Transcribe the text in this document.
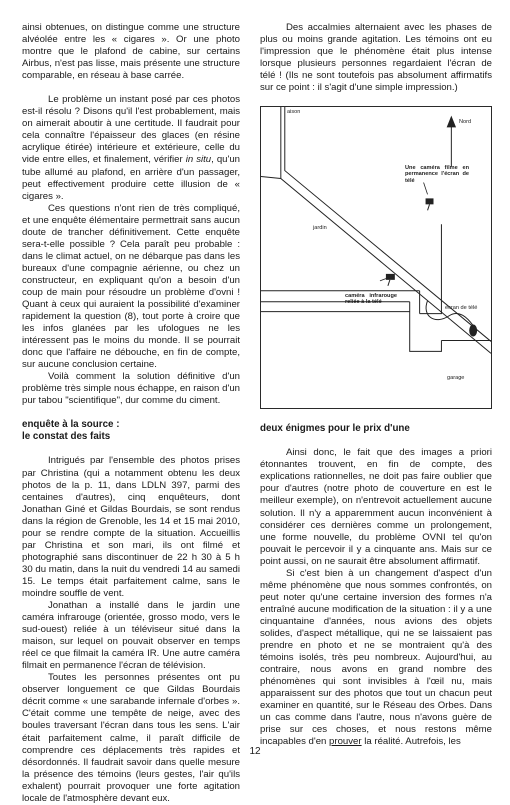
ainsi obtenues, on distingue comme une structure alvéolée entre les « cigares ». Or une photo montre que le plafond de cabine, sur certains Airbus, n'est pas lisse, mais présente une structure comparable, en réseau à base carrée.

Le problème un instant posé par ces photos est-il résolu ? Disons qu'il l'est probablement, mais on aimerait aboutir à une certitude. Il faudrait pour cela connaître l'épaisseur des glaces (en résine acrylique étirée) intérieure et extérieure, celle du vide entre elles, et finalement, vérifier in situ, qu'un tube allumé au plafond, en arrière d'un passager, peut effectivement produire cette illusion de « cigares ».

Ces questions n'ont rien de très compliqué, et une enquête élémentaire permettrait sans aucun doute de trancher définitivement. Cette enquête sera-t-elle possible ? Cela paraît peu probable : dans le climat actuel, on ne débarque pas dans les bureaux d'une compagnie aérienne, ou chez un constructeur, en expliquant qu'on a besoin d'un coup de main pour résoudre un problème d'ovni ! Quant à ceux qui auraient la possibilité d'examiner rapidement la question (8), tout porte à croire que les infos glanées par les ufologues ne les intéressent pas le moins du monde. Il se pourrait donc que l'affaire ne débouche, en fin de compte, sur aucune conclusion certaine.

Voilà comment la solution définitive d'un problème très simple nous échappe, en raison d'un pur tabou "scientifique", dur comme du ciment.

enquête à la source :
le constat des faits

Intrigués par l'ensemble des photos prises par Christina (qui a notamment obtenu les deux photos de la p. 11, dans LDLN 397, parmi des centaines d'autres), cinq enquêteurs, dont Jonathan Giné et Gildas Bourdais, se sont rendus dans la région de Grenoble, les 14 et 15 mai 2010, pour se rendre compte de la situation. Accueillis par Christina et son mari, ils ont filmé et photographié sans discontinuer de 22 h 30 à 5 h 30 du matin, dans la nuit du vendredi 14 au samedi 15. Le temps était parfaitement calme, sans le moindre souffle de vent.

Jonathan a installé dans le jardin une caméra infrarouge (orientée, grosso modo, vers le sud-ouest) reliée à un téléviseur situé dans la maison, sur lequel on pouvait observer en temps réel ce que filmait la caméra IR. Une autre caméra filmait en permanence l'écran de télévision.

Toutes les personnes présentes ont pu observer longuement ce que Gildas Bourdais décrit comme « une sarabande infernale d'orbes ». C'était comme une tempête de neige, avec des boules traversant l'écran dans tous les sens. L'air était parfaitement calme, il paraît difficile de comprendre ces déplacements très rapides et désordonnés. Il faudrait savoir dans quelle mesure la présence des témoins (leurs gestes, l'air qu'ils exhalent) pourrait provoquer une forte agitation locale de l'atmosphère devant eux.

Des accalmies alternaient avec les phases de plus ou moins grande agitation. Les témoins ont eu l'impression que le phénomène était plus intense lorsque plusieurs personnes regardaient l'écran de télé ! (Ils ne sont toutefois pas absolument affirmatifs sur ce point : il s'agit d'une simple impression.)

aison
Nord
jardin
Une caméra filme en permanence l'écran de télé
caméra infrarouge reliée à la télé
écran de télé
garage
deux énigmes pour le prix d'une

Ainsi donc, le fait que des images a priori étonnantes trouvent, en fin de compte, des explications rationnelles, ne doit pas faire oublier que pour d'autres (notre photo de couverture en est le meilleur exemple), on n'entrevoit actuellement aucune solution. Il n'y a apparemment aucun inconvénient à considérer ces dernières comme un prolongement, une forme nouvelle, du problème OVNI tel qu'on pouvait le percevoir il y a cinquante ans. Mais sur ce point aussi, on ne saurait être absolument affirmatif.

Si c'est bien à un changement d'aspect d'un même phénomène que nous sommes confrontés, on peut noter qu'une certaine inversion des formes n'a entraîné aucune modification de la situation : il y a une cinquantaine d'années, nous avions des objets solides, d'aspect métallique, qui ne se laissaient pas prendre en photo et ne se montraient qu'à des témoins isolés, très peu nombreux. Aujourd'hui, au contraire, nous avons en grand nombre des phénomènes qui sont invisibles à l'œil nu, mais apparaissent sur des photos que tout un chacun peut examiner en quantité, sur le Réseau des Orbes. Dans un cas comme dans l'autre, nous n'avons guère de prise sur ces choses, et nous restons même incapables d'en prouver la réalité. Autrefois, les

12
